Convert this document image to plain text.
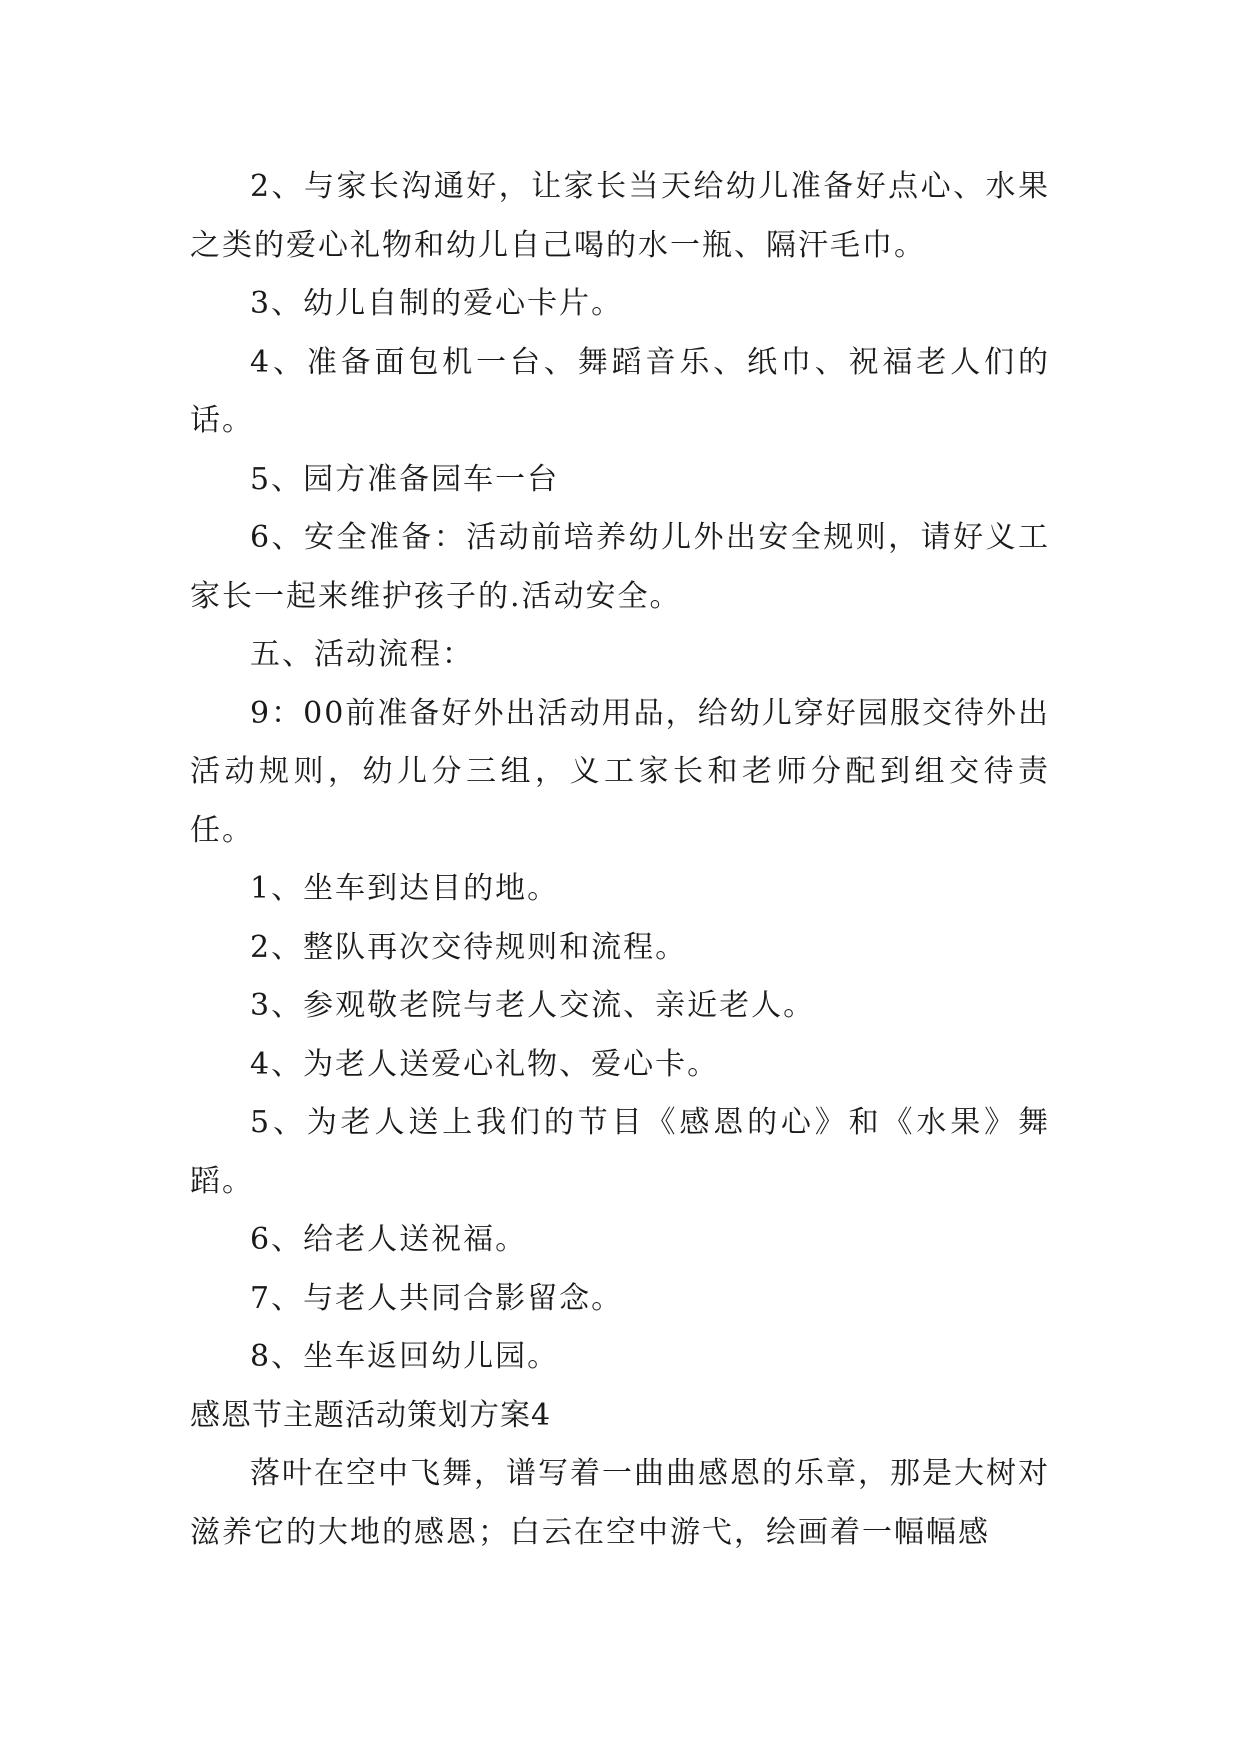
2、与家长沟通好，让家长当天给幼儿准备好点心、水果之类的爱心礼物和幼儿自己喝的水一瓶、隔汗毛巾。

3、幼儿自制的爱心卡片。

4、准备面包机一台、舞蹈音乐、纸巾、祝福老人们的话。

5、园方准备园车一台

6、安全准备：活动前培养幼儿外出安全规则，请好义工家长一起来维护孩子的.活动安全。

五、活动流程：

9：00前准备好外出活动用品，给幼儿穿好园服交待外出活动规则，幼儿分三组，义工家长和老师分配到组交待责任。

1、坐车到达目的地。

2、整队再次交待规则和流程。

3、参观敬老院与老人交流、亲近老人。

4、为老人送爱心礼物、爱心卡。

5、为老人送上我们的节目《感恩的心》和《水果》舞蹈。

6、给老人送祝福。

7、与老人共同合影留念。

8、坐车返回幼儿园。

感恩节主题活动策划方案4

落叶在空中飞舞，谱写着一曲曲感恩的乐章，那是大树对滋养它的大地的感恩；白云在空中游弋，绘画着一幅幅感
